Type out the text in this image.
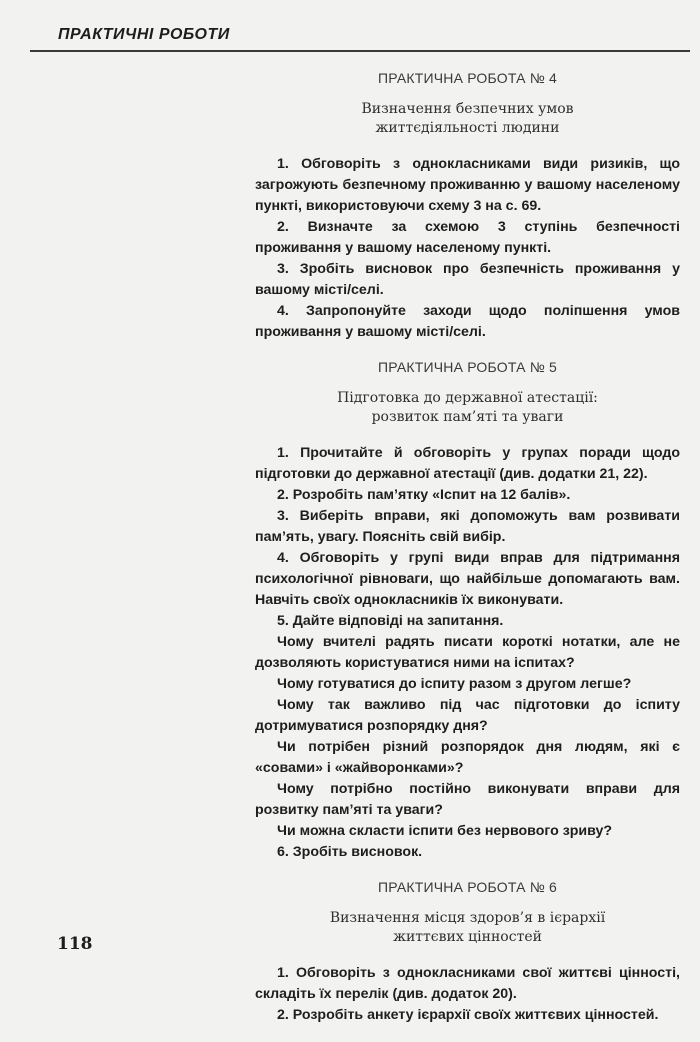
ПРАКТИЧНІ РОБОТИ
ПРАКТИЧНА РОБОТА № 4
Визначення безпечних умов
життєдіяльності людини

1. Обговоріть з однокласниками види ризиків, що загрожують безпечному проживанню у вашому населеному пункті, використовуючи схему 3 на с. 69.

2. Визначте за схемою 3 ступінь безпечності проживання у вашому населеному пункті.

3. Зробіть висновок про безпечність проживання у вашому місті/селі.

4. Запропонуйте заходи щодо поліпшення умов проживання у вашому місті/селі.

ПРАКТИЧНА РОБОТА № 5
Підготовка до державної атестації:
розвиток пам’яті та уваги

1. Прочитайте й обговоріть у групах поради щодо підготовки до державної атестації (див. додатки 21, 22).

2. Розробіть пам’ятку «Іспит на 12 балів».

3. Виберіть вправи, які допоможуть вам розвивати пам’ять, увагу. Поясніть свій вибір.

4. Обговоріть у групі види вправ для підтримання психологічної рівноваги, що найбільше допомагають вам. Навчіть своїх однокласників їх виконувати.

5. Дайте відповіді на запитання.

Чому вчителі радять писати короткі нотатки, але не дозволяють користуватися ними на іспитах?

Чому готуватися до іспиту разом з другом легше?

Чому так важливо під час підготовки до іспиту дотримуватися розпорядку дня?

Чи потрібен різний розпорядок дня людям, які є «совами» і «жайворонками»?

Чому потрібно постійно виконувати вправи для розвитку пам’яті та уваги?

Чи можна скласти іспити без нервового зриву?

6. Зробіть висновок.

ПРАКТИЧНА РОБОТА № 6
Визначення місця здоров’я в ієрархії
життєвих цінностей

1. Обговоріть з однокласниками свої життєві цінності, складіть їх перелік (див. додаток 20).

2. Розробіть анкету ієрархії своїх життєвих цінностей.

118
